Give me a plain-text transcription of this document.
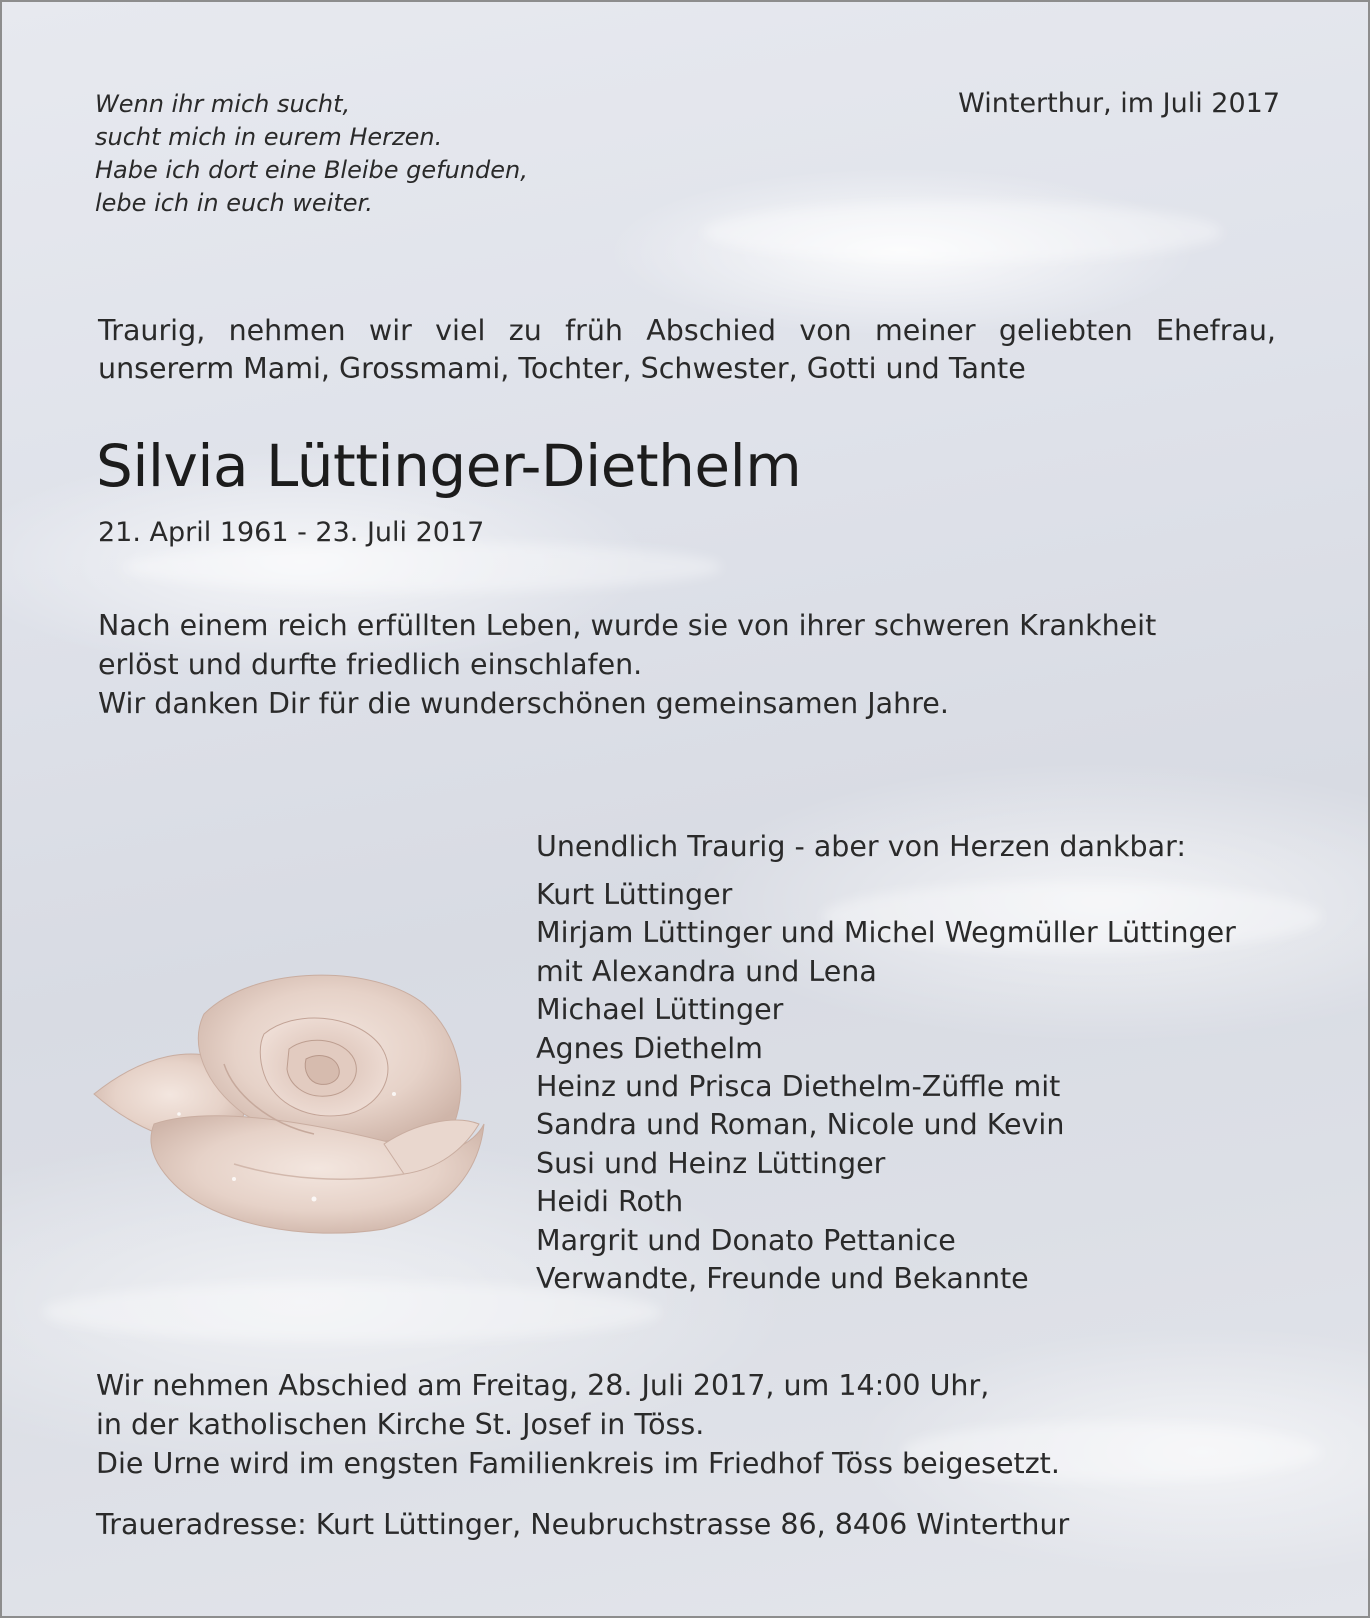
Wenn ihr mich sucht,
sucht mich in eurem Herzen.
Habe ich dort eine Bleibe gefunden,
lebe ich in euch weiter.
Winterthur, im Juli 2017
Traurig, nehmen wir viel zu früh Abschied von meiner geliebten Ehefrau, unsererm Mami, Grossmami, Tochter, Schwester, Gotti und Tante
Silvia Lüttinger-Diethelm
21. April 1961 - 23. Juli 2017
Nach einem reich erfüllten Leben, wurde sie von ihrer schweren Krankheit
erlöst und durfte friedlich einschlafen.
Wir danken Dir für die wunderschönen gemeinsamen Jahre.
Unendlich Traurig - aber von Herzen dankbar:
Kurt Lüttinger
Mirjam Lüttinger und Michel Wegmüller Lüttinger
mit Alexandra und Lena
Michael Lüttinger
Agnes Diethelm
Heinz und Prisca Diethelm-Züffle mit
Sandra und Roman, Nicole und Kevin
Susi und Heinz Lüttinger
Heidi Roth
Margrit und Donato Pettanice
Verwandte, Freunde und Bekannte
Wir nehmen Abschied am Freitag, 28. Juli 2017, um 14:00 Uhr,
in der katholischen Kirche St. Josef in Töss.
Die Urne wird im engsten Familienkreis im Friedhof Töss beigesetzt.
Traueradresse: Kurt Lüttinger, Neubruchstrasse 86, 8406 Winterthur
